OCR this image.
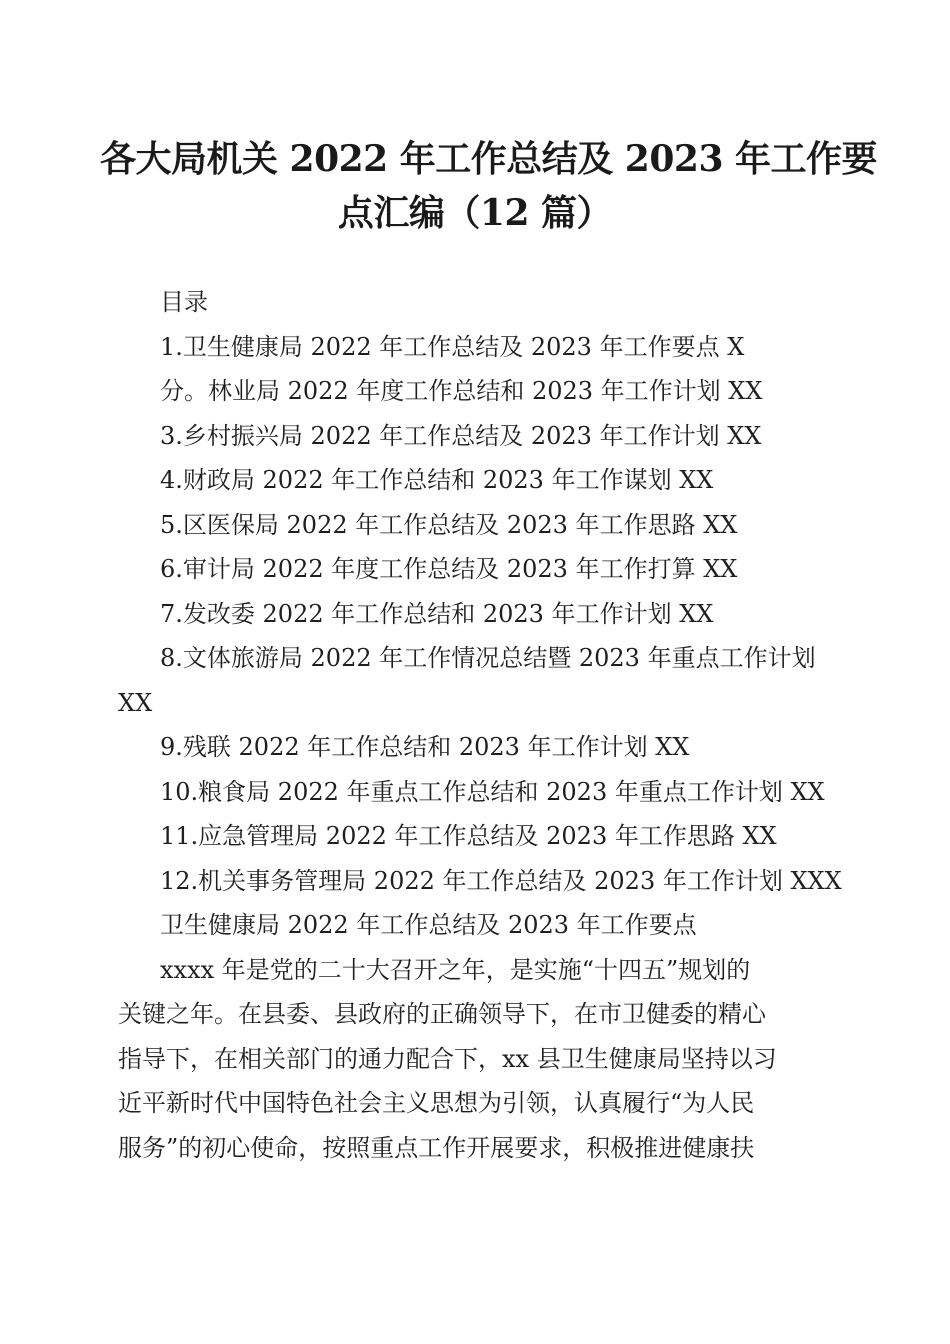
各大局机关 2022 年工作总结及 2023 年工作要
点汇编（12 篇）
目录
1.卫生健康局 2022 年工作总结及 2023 年工作要点 X
分。林业局 2022 年度工作总结和 2023 年工作计划 XX
3.乡村振兴局 2022 年工作总结及 2023 年工作计划 XX
4.财政局 2022 年工作总结和 2023 年工作谋划 XX
5.区医保局 2022 年工作总结及 2023 年工作思路 XX
6.审计局 2022 年度工作总结及 2023 年工作打算 XX
7.发改委 2022 年工作总结和 2023 年工作计划 XX
8.文体旅游局 2022 年工作情况总结暨 2023 年重点工作计划
XX
9.残联 2022 年工作总结和 2023 年工作计划 XX
10.粮食局 2022 年重点工作总结和 2023 年重点工作计划 XX
11.应急管理局 2022 年工作总结及 2023 年工作思路 XX
12.机关事务管理局 2022 年工作总结及 2023 年工作计划 XXX
卫生健康局 2022 年工作总结及 2023 年工作要点
xxxx 年是党的二十大召开之年，是实施“十四五”规划的
关键之年。在县委、县政府的正确领导下，在市卫健委的精心
指导下，在相关部门的通力配合下，xx 县卫生健康局坚持以习
近平新时代中国特色社会主义思想为引领，认真履行“为人民
服务”的初心使命，按照重点工作开展要求，积极推进健康扶
